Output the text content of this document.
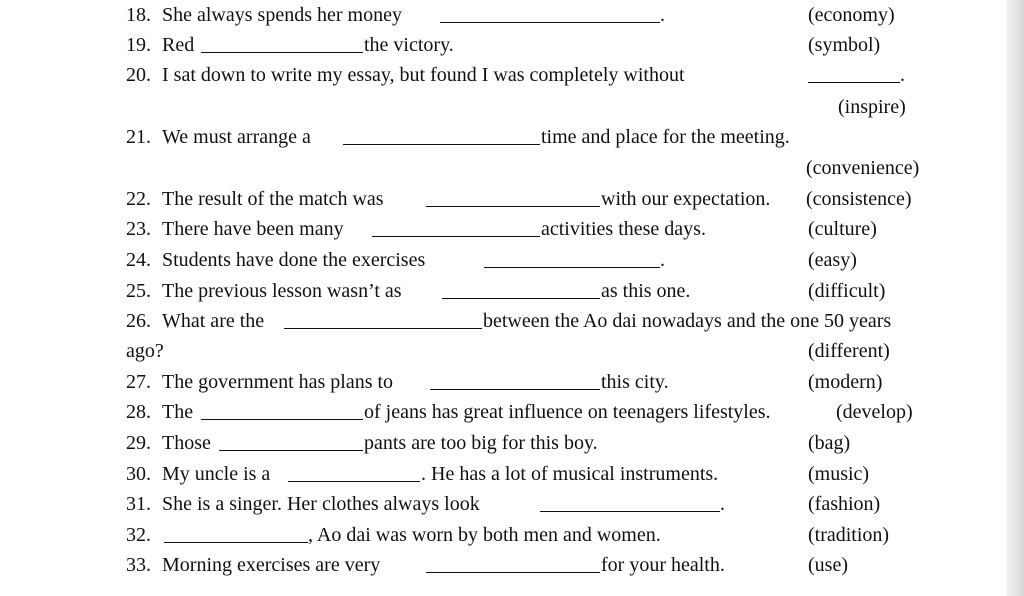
18. She always spends her money	.	(economy)
19. Red	the victory.	(symbol)
20. I sat down to write my essay, but found I was completely without	.
(inspire)
21. We must arrange a	time and place for the meeting.
(convenience)
22. The result of the match was	with our expectation. (consistence)
23. There have been many	activities these days.	(culture)
24. Students have done the exercises	.	(easy)
25. The previous lesson wasn’t as	as this one.	(difficult)
26. What are the	between the Ao dai nowadays and the one 50 years
ago?	(different)
27. The government has plans to	this city.	(modern)
28. The	of jeans has great influence on teenagers lifestyles.	(develop)
29. Those	pants are too big for this boy.	(bag)
30. My uncle is a	. He has a lot of musical instruments.	(music)
31. She is a singer. Her clothes always look	.	(fashion)
32.	, Ao dai was worn by both men and women.	(tradition)
33. Morning exercises are very	for your health.	(use)
